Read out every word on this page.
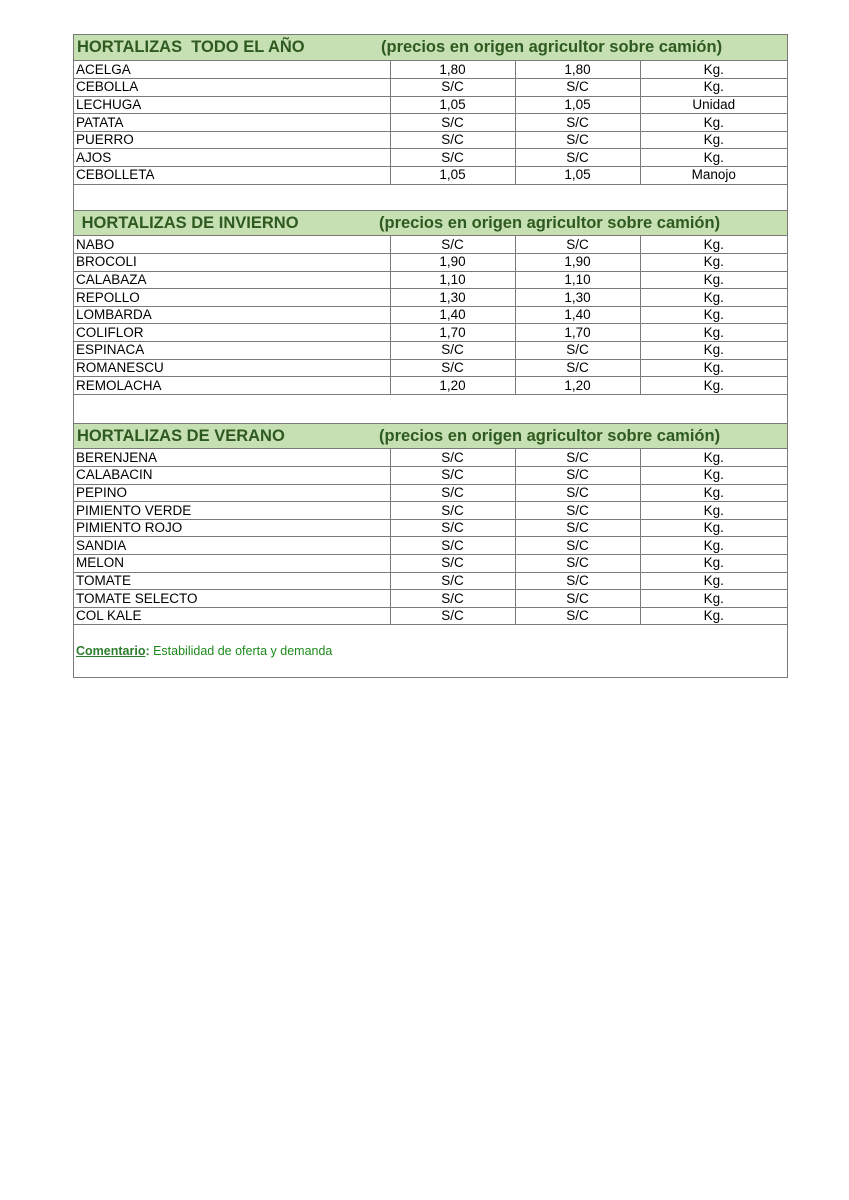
HORTALIZAS  TODO EL AÑO	(precios en origen agricultor sobre camión)
ACELGA	1,80	1,80	Kg.
CEBOLLA	S/C	S/C	Kg.
LECHUGA	1,05	1,05	Unidad
PATATA	S/C	S/C	Kg.
PUERRO	S/C	S/C	Kg.
AJOS	S/C	S/C	Kg.
CEBOLLETA	1,05	1,05	Manojo
HORTALIZAS DE INVIERNO	(precios en origen agricultor sobre camión)
NABO	S/C	S/C	Kg.
BROCOLI	1,90	1,90	Kg.
CALABAZA	1,10	1,10	Kg.
REPOLLO	1,30	1,30	Kg.
LOMBARDA	1,40	1,40	Kg.
COLIFLOR	1,70	1,70	Kg.
ESPINACA	S/C	S/C	Kg.
ROMANESCU	S/C	S/C	Kg.
REMOLACHA	1,20	1,20	Kg.
HORTALIZAS DE VERANO	(precios en origen agricultor sobre camión)
BERENJENA	S/C	S/C	Kg.
CALABACIN	S/C	S/C	Kg.
PEPINO	S/C	S/C	Kg.
PIMIENTO VERDE	S/C	S/C	Kg.
PIMIENTO ROJO	S/C	S/C	Kg.
SANDIA	S/C	S/C	Kg.
MELON	S/C	S/C	Kg.
TOMATE	S/C	S/C	Kg.
TOMATE SELECTO	S/C	S/C	Kg.
COL KALE	S/C	S/C	Kg.
Comentario: Estabilidad de oferta y demanda
